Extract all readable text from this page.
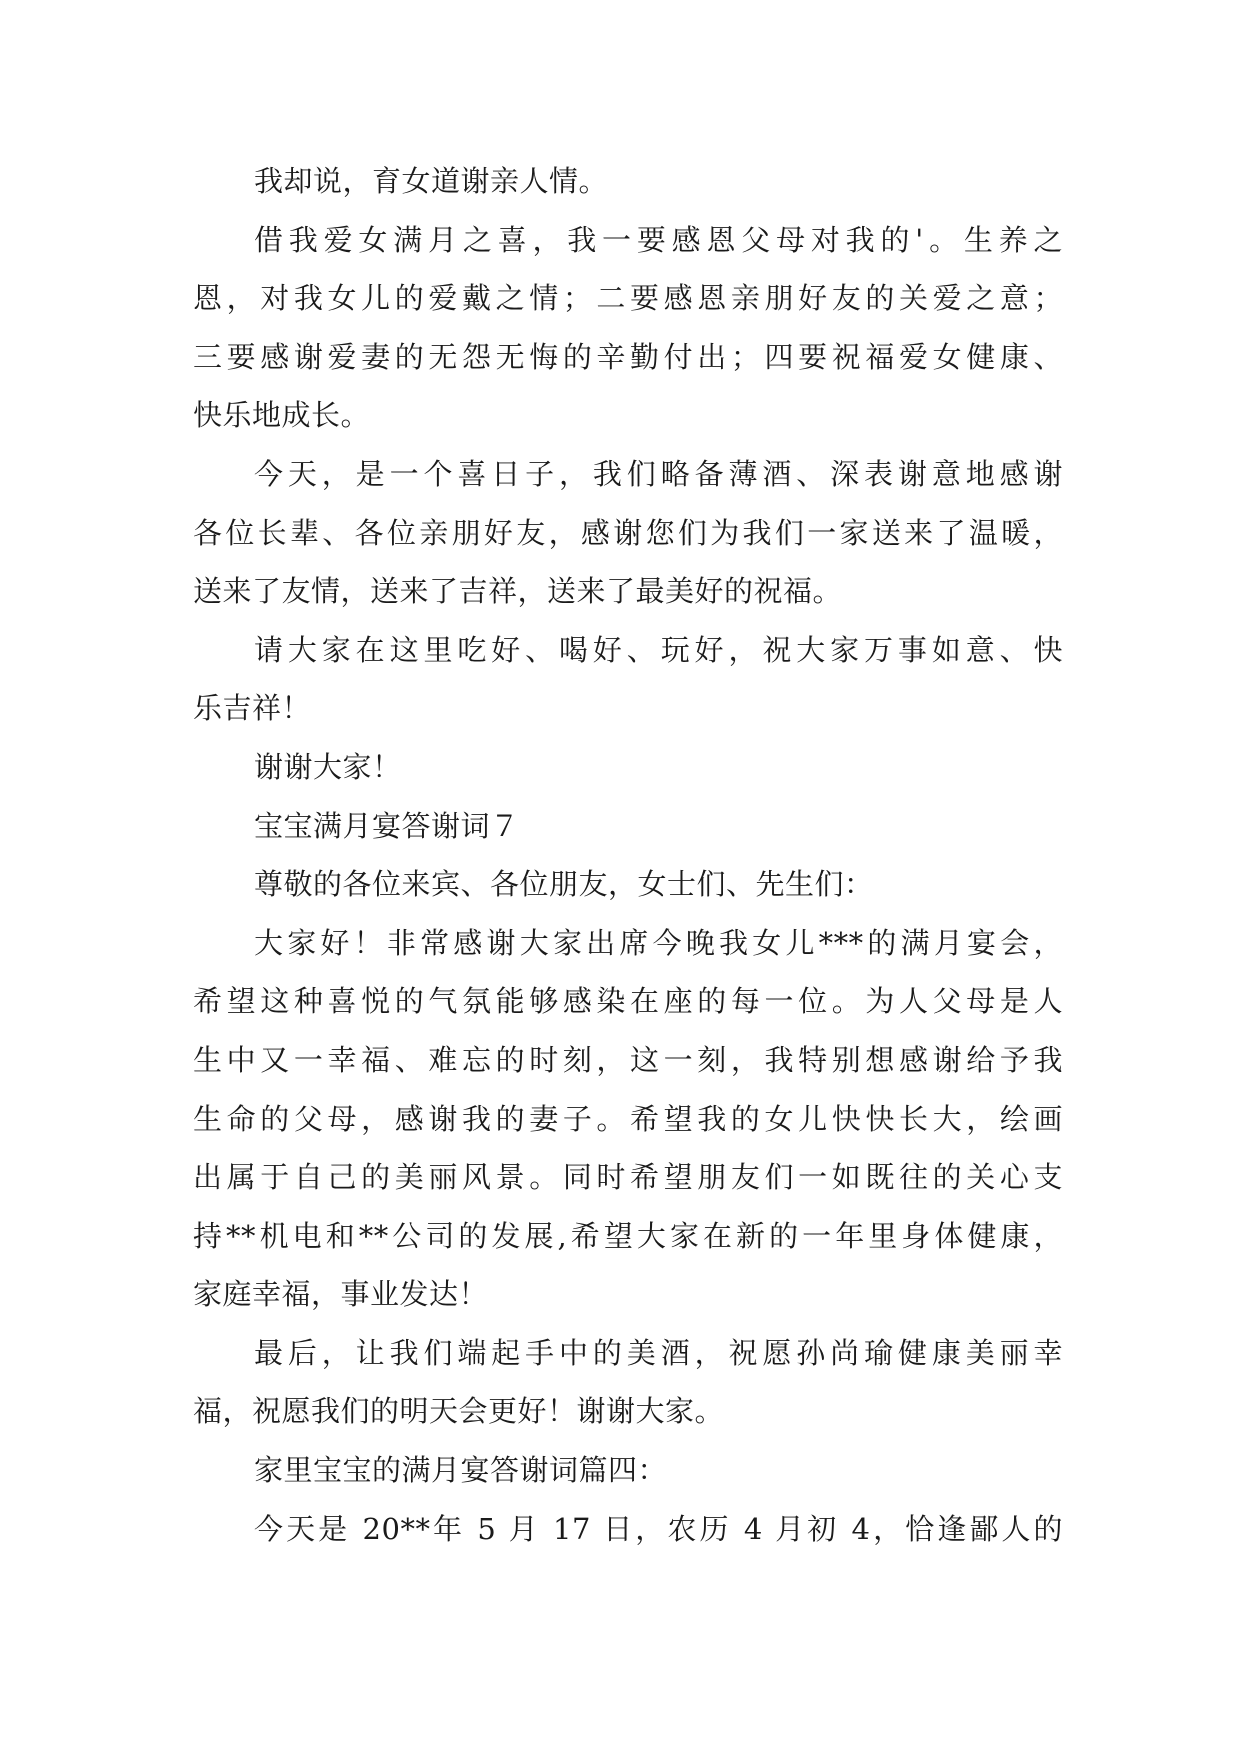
我却说，育女道谢亲人情。
借我爱女满月之喜，我一要感恩父母对我的'。生养之
恩，对我女儿的爱戴之情；二要感恩亲朋好友的关爱之意；
三要感谢爱妻的无怨无悔的辛勤付出；四要祝福爱女健康、
快乐地成长。
今天，是一个喜日子，我们略备薄酒、深表谢意地感谢
各位长辈、各位亲朋好友，感谢您们为我们一家送来了温暖，
送来了友情，送来了吉祥，送来了最美好的祝福。
请大家在这里吃好、喝好、玩好，祝大家万事如意、快
乐吉祥！
谢谢大家！
宝宝满月宴答谢词７
尊敬的各位来宾、各位朋友，女士们、先生们：
大家好！非常感谢大家出席今晚我女儿***的满月宴会，
希望这种喜悦的气氛能够感染在座的每一位。为人父母是人
生中又一幸福、难忘的时刻，这一刻，我特别想感谢给予我
生命的父母，感谢我的妻子。希望我的女儿快快长大，绘画
出属于自己的美丽风景。同时希望朋友们一如既往的关心支
持**机电和**公司的发展,希望大家在新的一年里身体健康，
家庭幸福，事业发达！
最后，让我们端起手中的美酒，祝愿孙尚瑜健康美丽幸
福，祝愿我们的明天会更好！谢谢大家。
家里宝宝的满月宴答谢词篇四：
今天是 20**年 5 月 17 日，农历 4 月初 4，恰逢鄙人的
